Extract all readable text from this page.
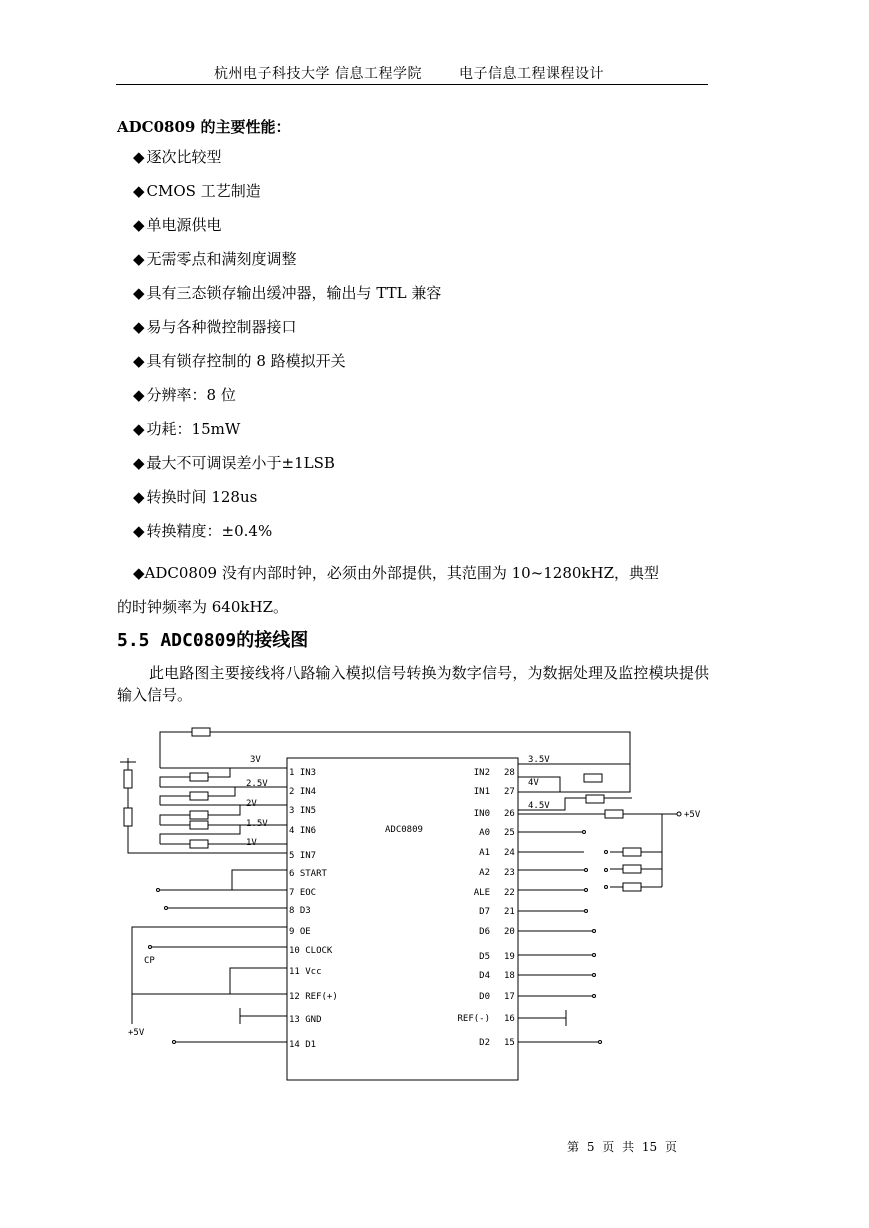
杭州电子科技大学 信息工程学院	电子信息工程课程设计
ADC0809 的主要性能：
◆ 逐次比较型
◆ CMOS 工艺制造
◆ 单电源供电
◆ 无需零点和满刻度调整
◆ 具有三态锁存输出缓冲器，输出与 TTL 兼容
◆ 易与各种微控制器接口
◆ 具有锁存控制的 8 路模拟开关
◆ 分辨率：8 位
◆ 功耗：15mW
◆ 最大不可调误差小于±1LSB
◆ 转换时间 128us
◆ 转换精度：±0.4%
◆ADC0809 没有内部时钟，必须由外部提供，其范围为 10~1280kHZ，典型
的时钟频率为 640kHZ。
5.5 ADC0809的接线图
此电路图主要接线将八路输入模拟信号转换为数字信号，为数据处理及监控模块提供输入信号。
ADC0809
1 IN3
2 IN4
3 IN5
4 IN6
5 IN7
6 START
7 EOC
8 D3
9 OE
10 CLOCK
11 Vcc
12 REF(+)
13 GND
14 D1
IN2 28
IN1 27
IN0 26
A0 25
A1 24
A2 23
ALE 22
D7 21
D6 20
D5 19
D4 18
D0 17
REF(-) 16
D2 15
3V
2.5V
2V
1.5V
1V
3.5V
4V
4.5V
+5V
+5V
CP
第 5 页 共 15 页
